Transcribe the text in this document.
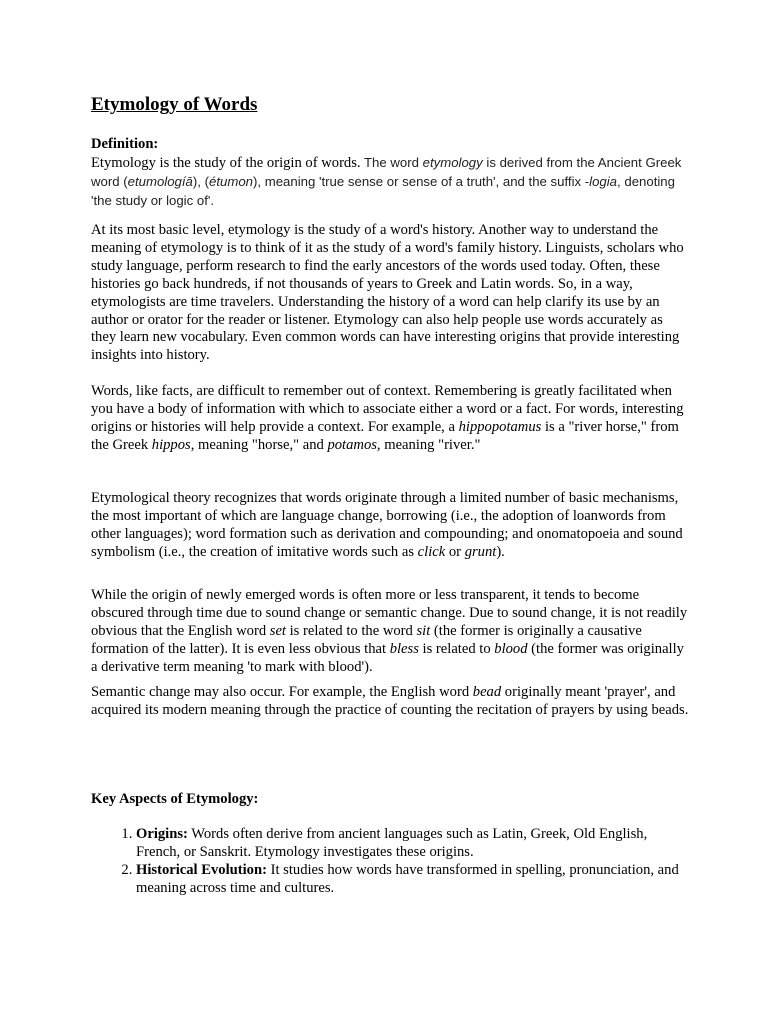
Etymology of Words
Definition:

Etymology is the study of the origin of words. The word etymology is derived from the Ancient Greek word (etumologíā), (étumon), meaning 'true sense or sense of a truth', and the suffix -logia, denoting 'the study or logic of'.

At its most basic level, etymology is the study of a word's history. Another way to understand the meaning of etymology is to think of it as the study of a word's family history. Linguists, scholars who study language, perform research to find the early ancestors of the words used today. Often, these histories go back hundreds, if not thousands of years to Greek and Latin words. So, in a way, etymologists are time travelers. Understanding the history of a word can help clarify its use by an author or orator for the reader or listener. Etymology can also help people use words accurately as they learn new vocabulary. Even common words can have interesting origins that provide interesting insights into history.

Words, like facts, are difficult to remember out of context. Remembering is greatly facilitated when you have a body of information with which to associate either a word or a fact. For words, interesting origins or histories will help provide a context. For example, a hippopotamus is a "river horse," from the Greek hippos, meaning "horse," and potamos, meaning "river."

Etymological theory recognizes that words originate through a limited number of basic mechanisms, the most important of which are language change, borrowing (i.e., the adoption of loanwords from other languages); word formation such as derivation and compounding; and onomatopoeia and sound symbolism (i.e., the creation of imitative words such as click or grunt).

While the origin of newly emerged words is often more or less transparent, it tends to become obscured through time due to sound change or semantic change. Due to sound change, it is not readily obvious that the English word set is related to the word sit (the former is originally a causative formation of the latter). It is even less obvious that bless is related to blood (the former was originally a derivative term meaning 'to mark with blood').

Semantic change may also occur. For example, the English word bead originally meant 'prayer', and acquired its modern meaning through the practice of counting the recitation of prayers by using beads.

Key Aspects of Etymology:
1. Origins: Words often derive from ancient languages such as Latin, Greek, Old English, French, or Sanskrit. Etymology investigates these origins.
2. Historical Evolution: It studies how words have transformed in spelling, pronunciation, and meaning across time and cultures.
